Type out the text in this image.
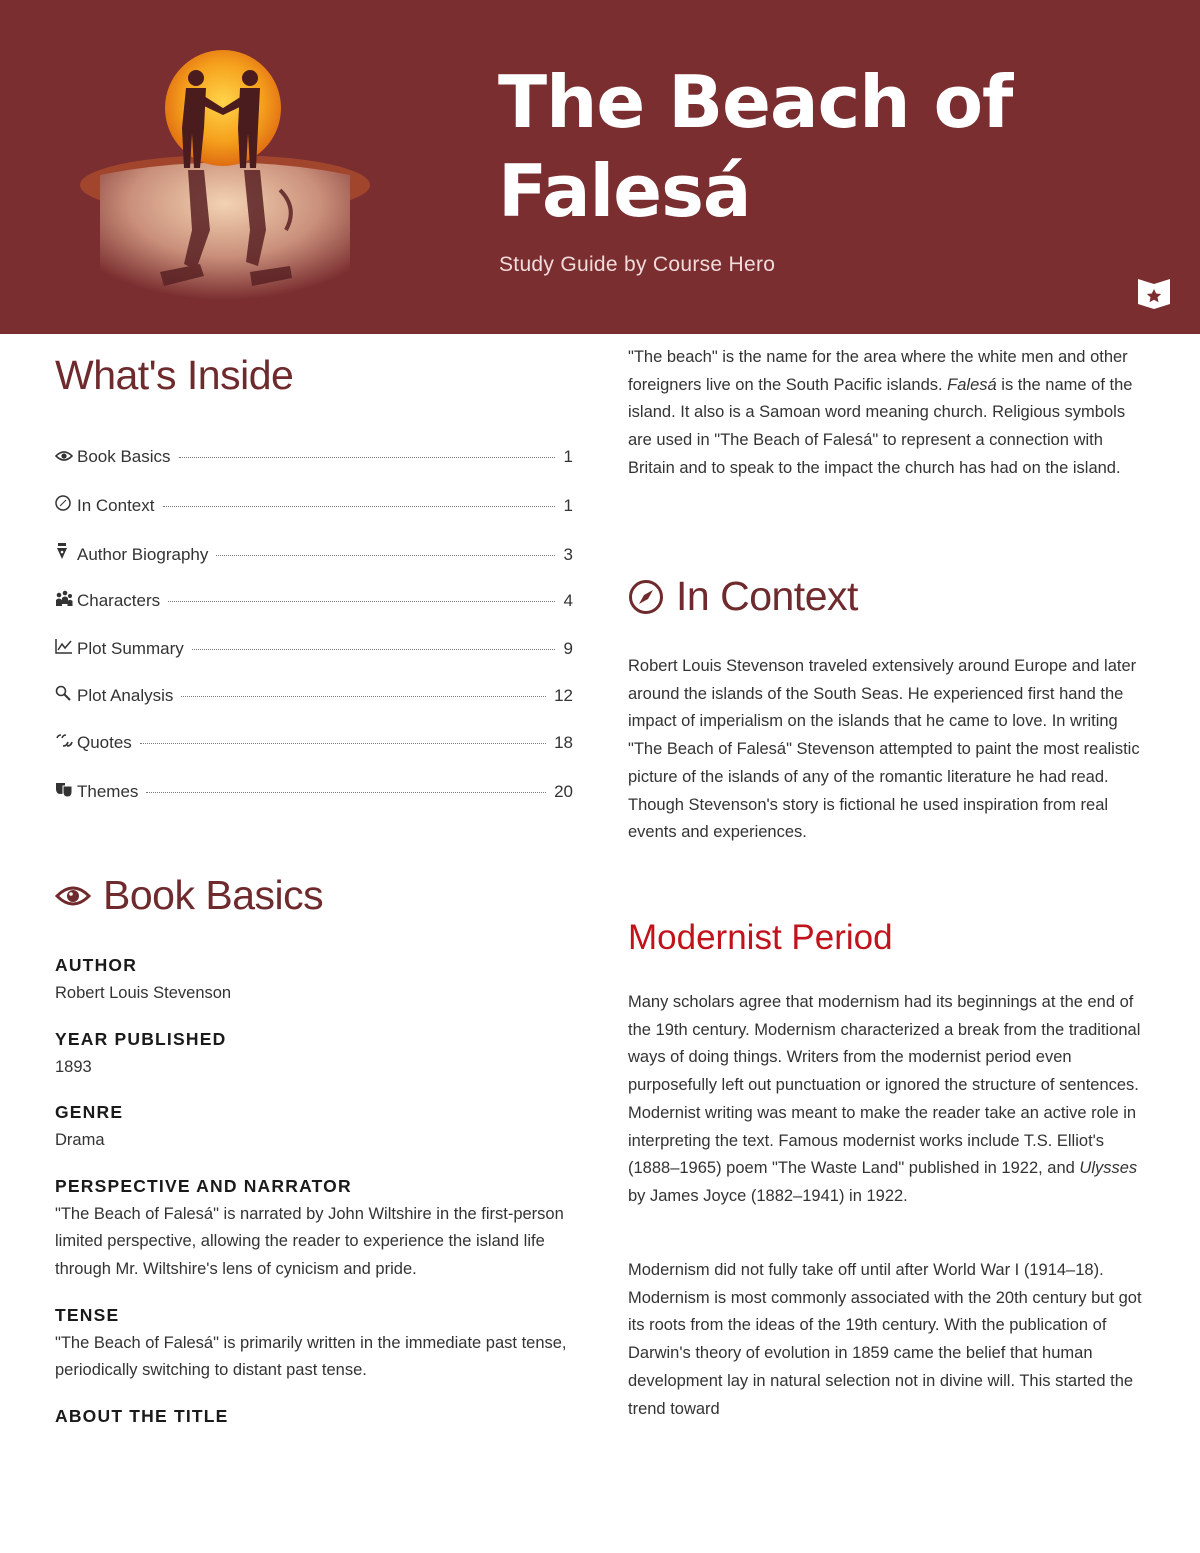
The Beach of Falesá
Study Guide by Course Hero
What's Inside
Book Basics	1
In Context	1
Author Biography	3
Characters	4
Plot Summary	9
Plot Analysis	12
Quotes	18
Themes	20
Book Basics

AUTHOR

Robert Louis Stevenson

YEAR PUBLISHED

1893

GENRE

Drama

PERSPECTIVE AND NARRATOR

"The Beach of Falesá" is narrated by John Wiltshire in the first-person limited perspective, allowing the reader to experience the island life through Mr. Wiltshire's lens of cynicism and pride.

TENSE

"The Beach of Falesá" is primarily written in the immediate past tense, periodically switching to distant past tense.

ABOUT THE TITLE

"The beach" is the name for the area where the white men and other foreigners live on the South Pacific islands. Falesá is the name of the island. It also is a Samoan word meaning church. Religious symbols are used in "The Beach of Falesá" to represent a connection with Britain and to speak to the impact the church has had on the island.

In Context

Robert Louis Stevenson traveled extensively around Europe and later around the islands of the South Seas. He experienced first hand the impact of imperialism on the islands that he came to love. In writing "The Beach of Falesá" Stevenson attempted to paint the most realistic picture of the islands of any of the romantic literature he had read. Though Stevenson's story is fictional he used inspiration from real events and experiences.

Modernist Period

Many scholars agree that modernism had its beginnings at the end of the 19th century. Modernism characterized a break from the traditional ways of doing things. Writers from the modernist period even purposefully left out punctuation or ignored the structure of sentences. Modernist writing was meant to make the reader take an active role in interpreting the text. Famous modernist works include T.S. Elliot's (1888–1965) poem "The Waste Land" published in 1922, and Ulysses by James Joyce (1882–1941) in 1922.

Modernism did not fully take off until after World War I (1914–18). Modernism is most commonly associated with the 20th century but got its roots from the ideas of the 19th century. With the publication of Darwin's theory of evolution in 1859 came the belief that human development lay in natural selection not in divine will. This started the trend toward
